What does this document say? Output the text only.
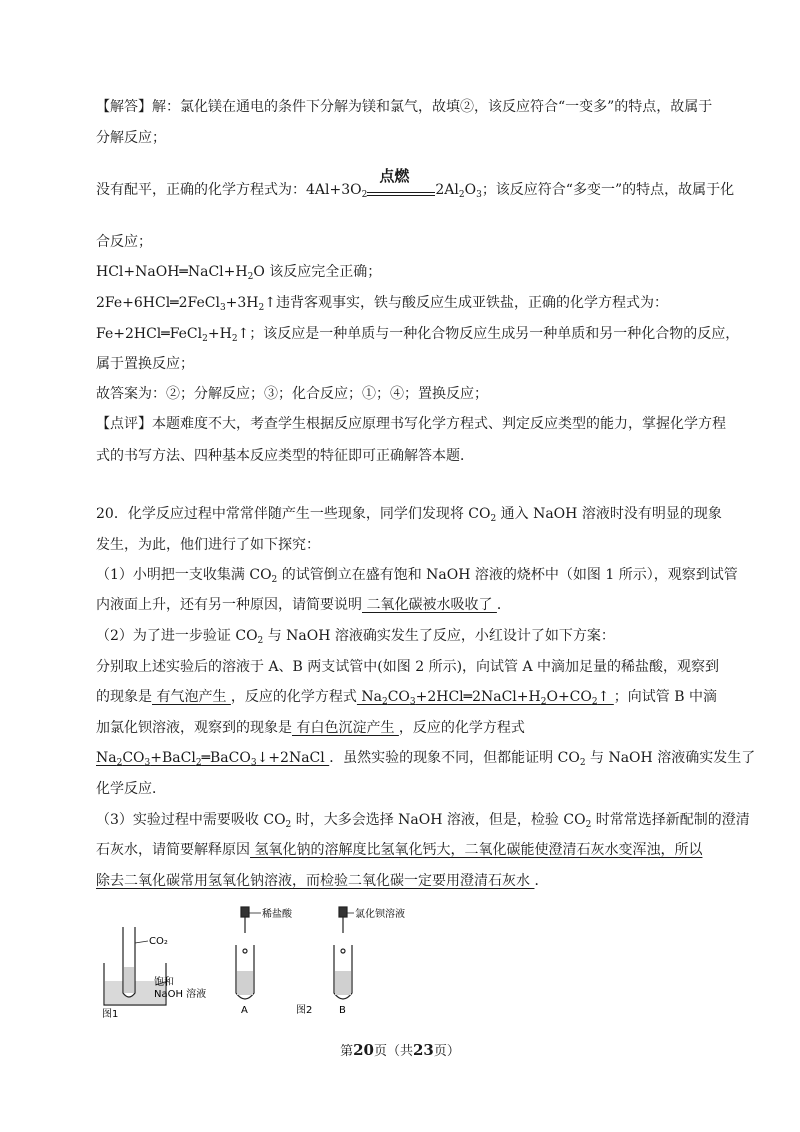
【解答】解：氯化镁在通电的条件下分解为镁和氯气，故填②，该反应符合“一变多”的特点，故属于
分解反应；
没有配平，正确的化学方程式为：$4Al+3O_2$
点燃
$2Al_2O_3$；该反应符合“多变一”的特点，故属于化
合反应；
$HCl+NaOH═NaCl+H_2O$ 该反应完全正确；
$2Fe+6HCl═2FeCl_3+3H_2↑$违背客观事实，铁与酸反应生成亚铁盐，正确的化学方程式为：
$Fe+2HCl═FeCl_2+H_2↑$；该反应是一种单质与一种化合物反应生成另一种单质和另一种化合物的反应，
属于置换反应；
故答案为：②；分解反应；③；化合反应；①；④；置换反应；
【点评】本题难度不大，考查学生根据反应原理书写化学方程式、判定反应类型的能力，掌握化学方程
式的书写方法、四种基本反应类型的特征即可正确解答本题．
20．化学反应过程中常常伴随产生一些现象，同学们发现将 $CO_2$ 通入 NaOH 溶液时没有明显的现象
发生，为此，他们进行了如下探究：
（1）小明把一支收集满 $CO_2$ 的试管倒立在盛有饱和 NaOH 溶液的烧杯中（如图 1 所示），观察到试管
内液面上升，还有另一种原因，请简要说明 二氧化碳被水吸收了 ．
（2）为了进一步验证 $CO_2$ 与 NaOH 溶液确实发生了反应，小红设计了如下方案：
分别取上述实验后的溶液于 A、B 两支试管中(如图 2 所示)，向试管 A 中滴加足量的稀盐酸，观察到
的现象是 有气泡产生 ，反应的化学方程式 $Na_2CO_3+2HCl═2NaCl+H_2O+CO_2↑$ ；向试管 B 中滴
加氯化钡溶液，观察到的现象是 有白色沉淀产生 ，反应的化学方程式
$Na_2CO_3+BaCl_2═BaCO_3↓+2NaCl$ ．虽然实验的现象不同，但都能证明 $CO_2$ 与 NaOH 溶液确实发生了
化学反应．
（3）实验过程中需要吸收 $CO_2$ 时，大多会选择 NaOH 溶液，但是，检验 $CO_2$ 时常常选择新配制的澄清
石灰水，请简要解释原因 氢氧化钠的溶解度比氢氧化钙大，二氧化碳能使澄清石灰水变浑浊，所以
除去二氧化碳常用氢氧化钠溶液，而检验二氧化碳一定要用澄清石灰水 ．
CO₂
饱和
NaOH 溶液
图1
稀盐酸
A
氯化钡溶液
B
图2
第20页（共23页）
